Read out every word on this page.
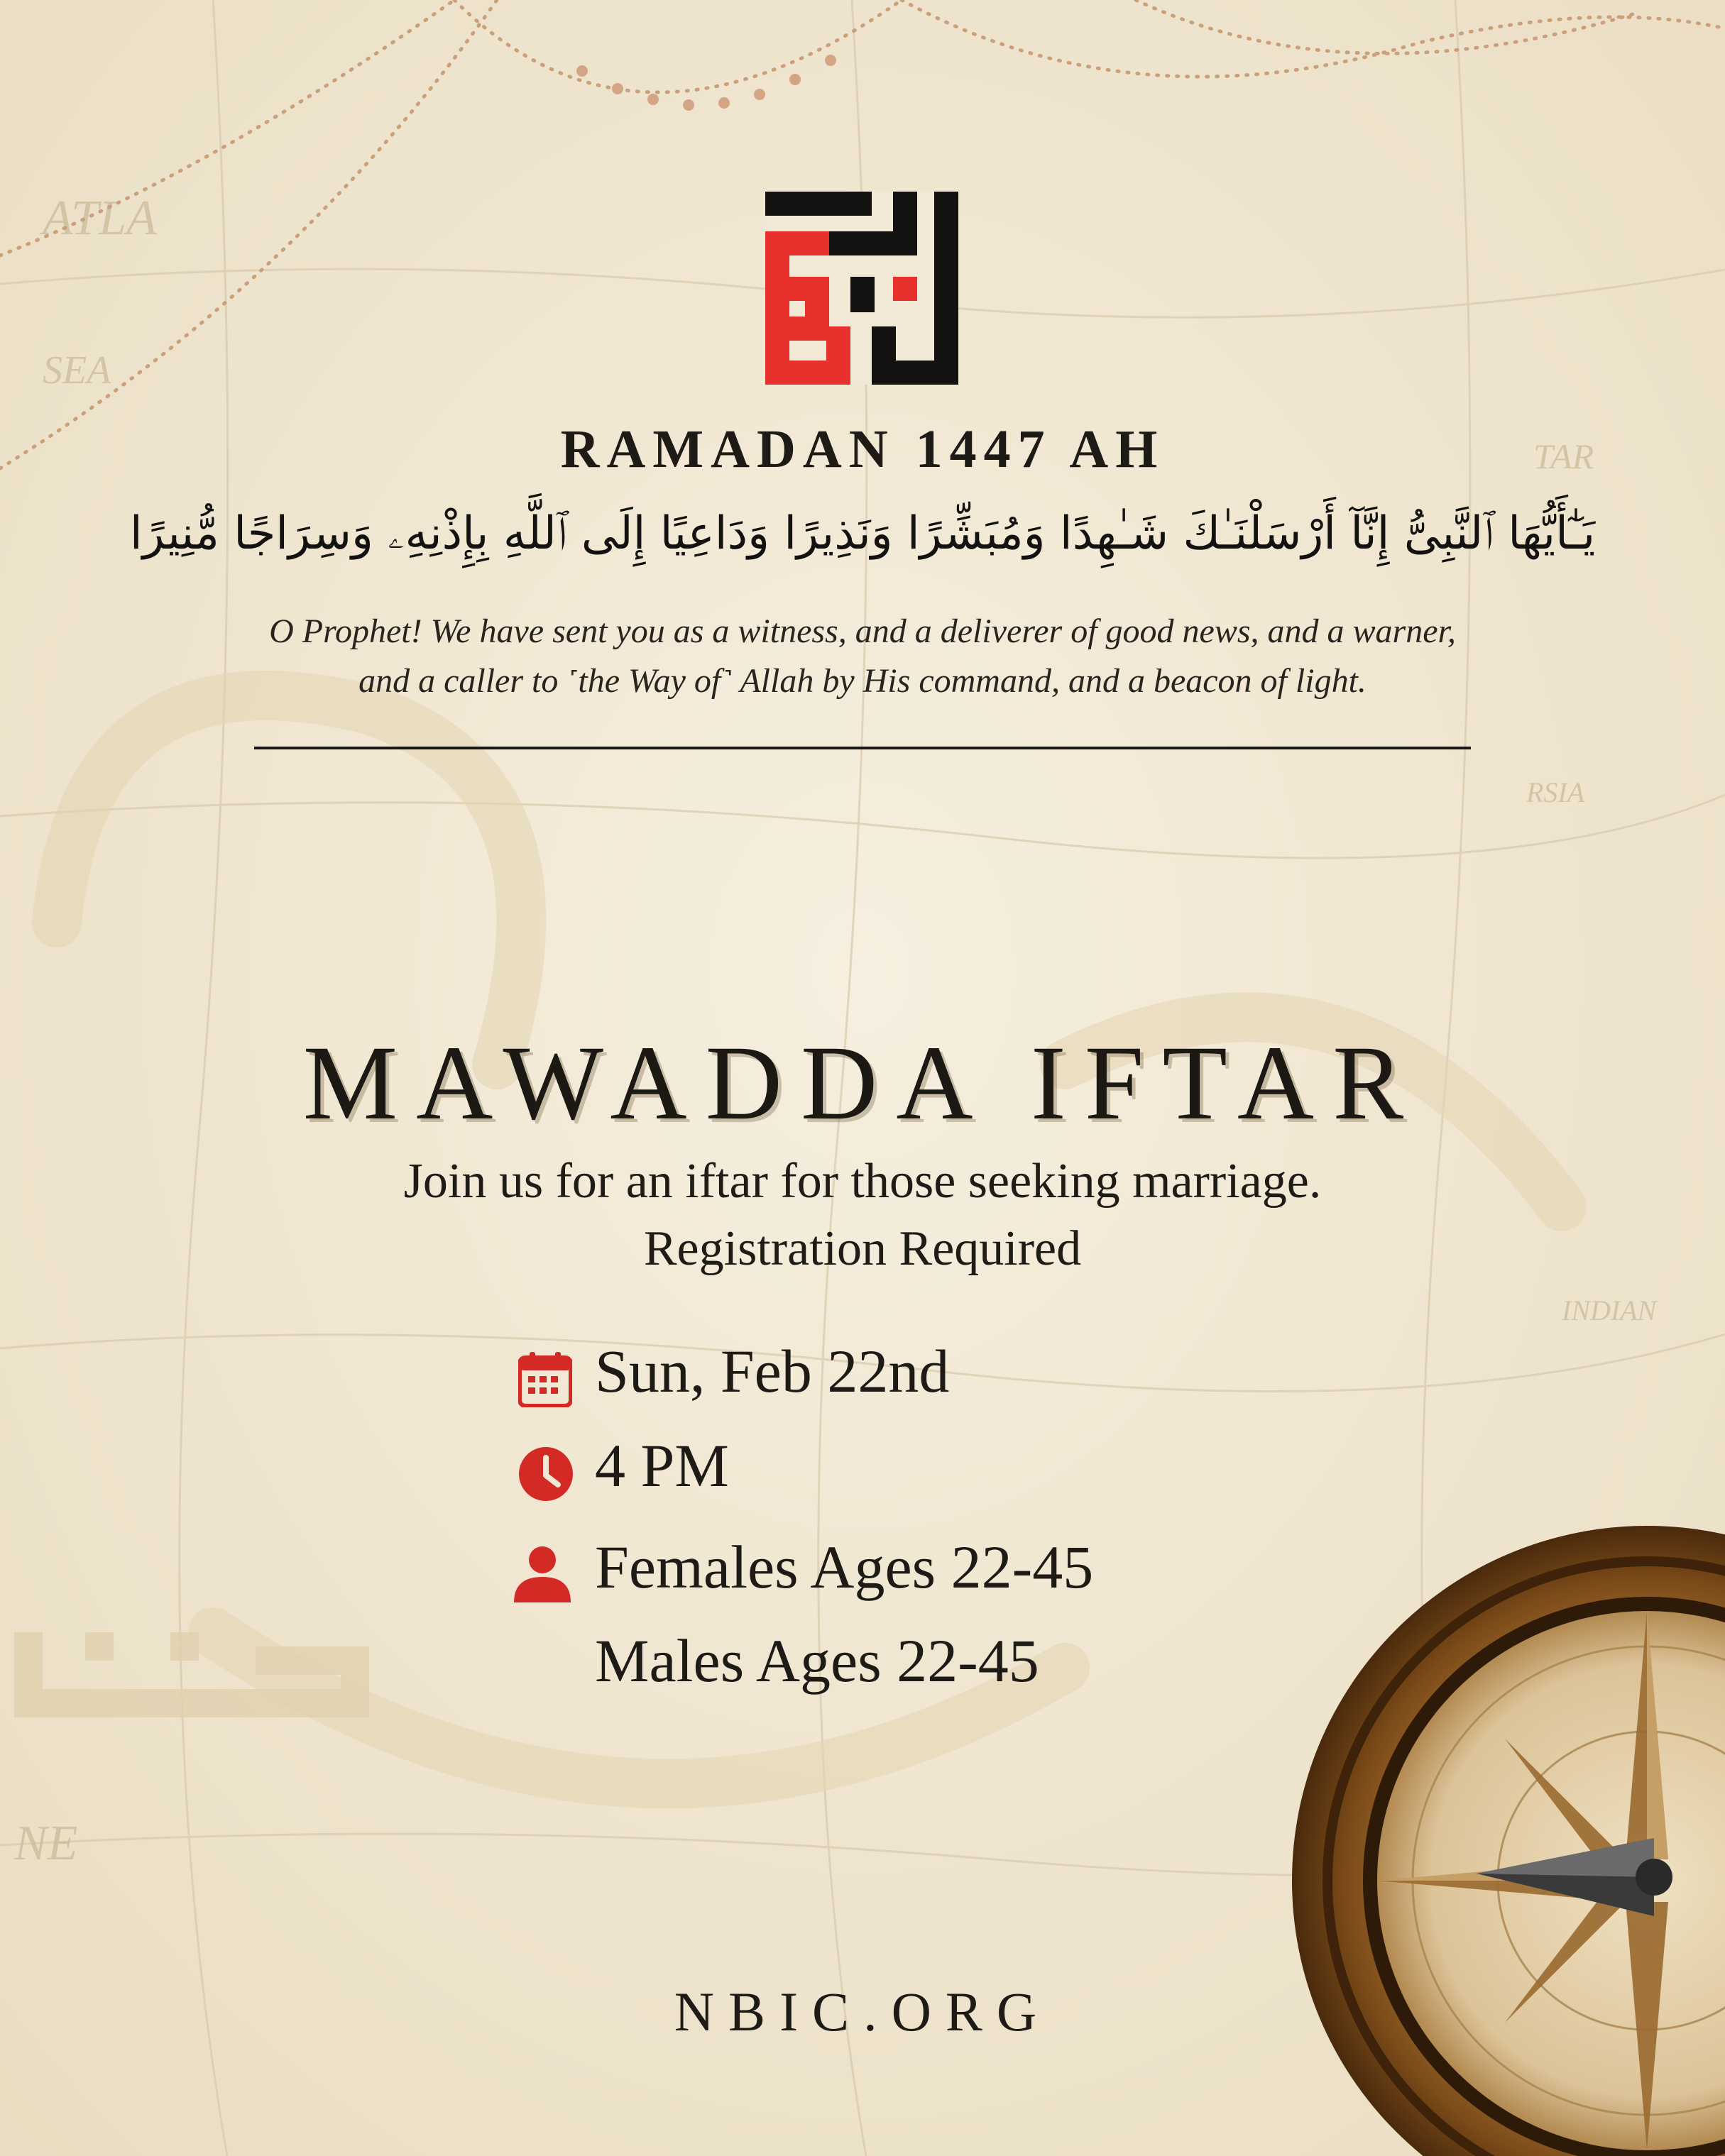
ATLA
SEA
TAR
RSIA
INDIAN
NE
RAMADAN 1447 AH
يَـٰٓأَيُّهَا ٱلنَّبِىُّ إِنَّآ أَرْسَلْنَـٰكَ شَـٰهِدًا وَمُبَشِّرًا وَنَذِيرًا وَدَاعِيًا إِلَى ٱللَّهِ بِإِذْنِهِۦ وَسِرَاجًا مُّنِيرًا
O Prophet! We have sent you as a witness, and a deliverer of good news, and a warner,
and a caller to ˹the Way of˺ Allah by His command, and a beacon of light.
MAWADDA IFTAR
Join us for an iftar for those seeking marriage.
Registration Required
Sun, Feb 22nd
4 PM
Females Ages 22-45
Males Ages 22-45
NBIC.ORG
